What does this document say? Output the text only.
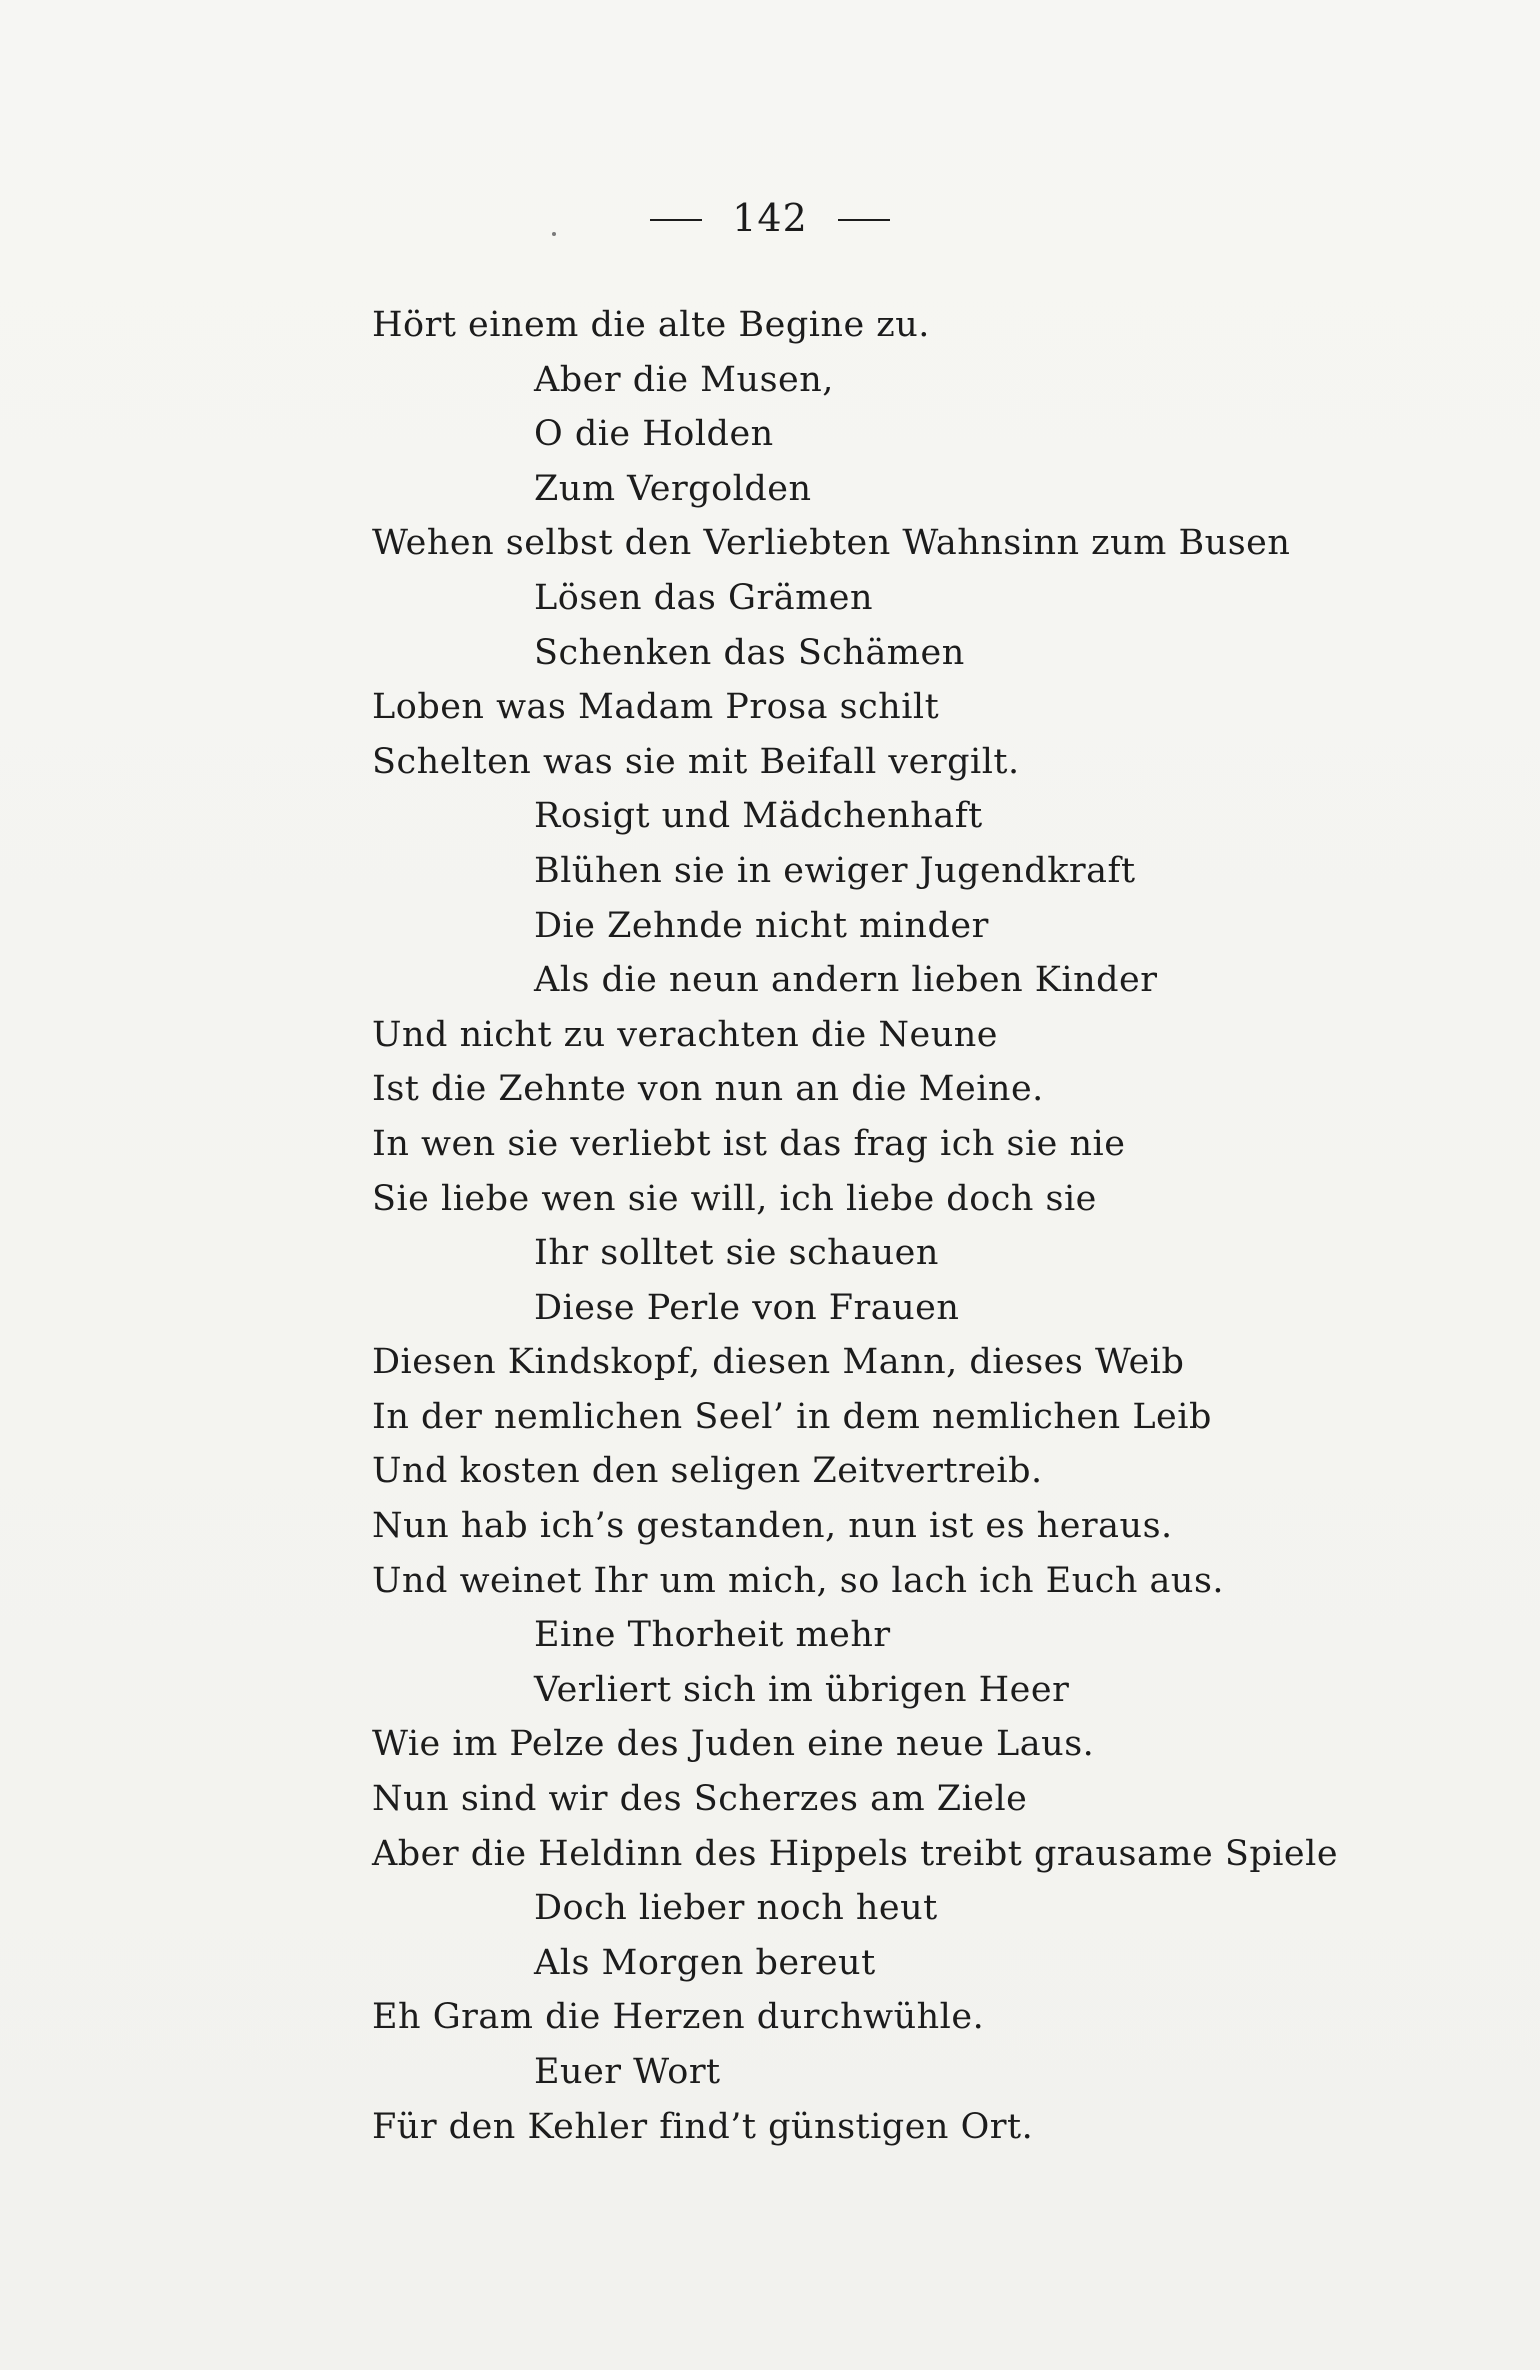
142
Hört einem die alte Begine zu.
Aber die Musen,
O die Holden
Zum Vergolden
Wehen selbst den Verliebten Wahnsinn zum Busen
Lösen das Grämen
Schenken das Schämen
Loben was Madam Prosa schilt
Schelten was sie mit Beifall vergilt.
Rosigt und Mädchenhaft
Blühen sie in ewiger Jugendkraft
Die Zehnde nicht minder
Als die neun andern lieben Kinder
Und nicht zu verachten die Neune
Ist die Zehnte von nun an die Meine.
In wen sie verliebt ist das frag ich sie nie
Sie liebe wen sie will, ich liebe doch sie
Ihr solltet sie schauen
Diese Perle von Frauen
Diesen Kindskopf, diesen Mann, dieses Weib
In der nemlichen Seel’ in dem nemlichen Leib
Und kosten den seligen Zeitvertreib.
Nun hab ich’s gestanden, nun ist es heraus.
Und weinet Ihr um mich, so lach ich Euch aus.
Eine Thorheit mehr
Verliert sich im übrigen Heer
Wie im Pelze des Juden eine neue Laus.
Nun sind wir des Scherzes am Ziele
Aber die Heldinn des Hippels treibt grausame Spiele
Doch lieber noch heut
Als Morgen bereut
Eh Gram die Herzen durchwühle.
Euer Wort
Für den Kehler find’t günstigen Ort.
